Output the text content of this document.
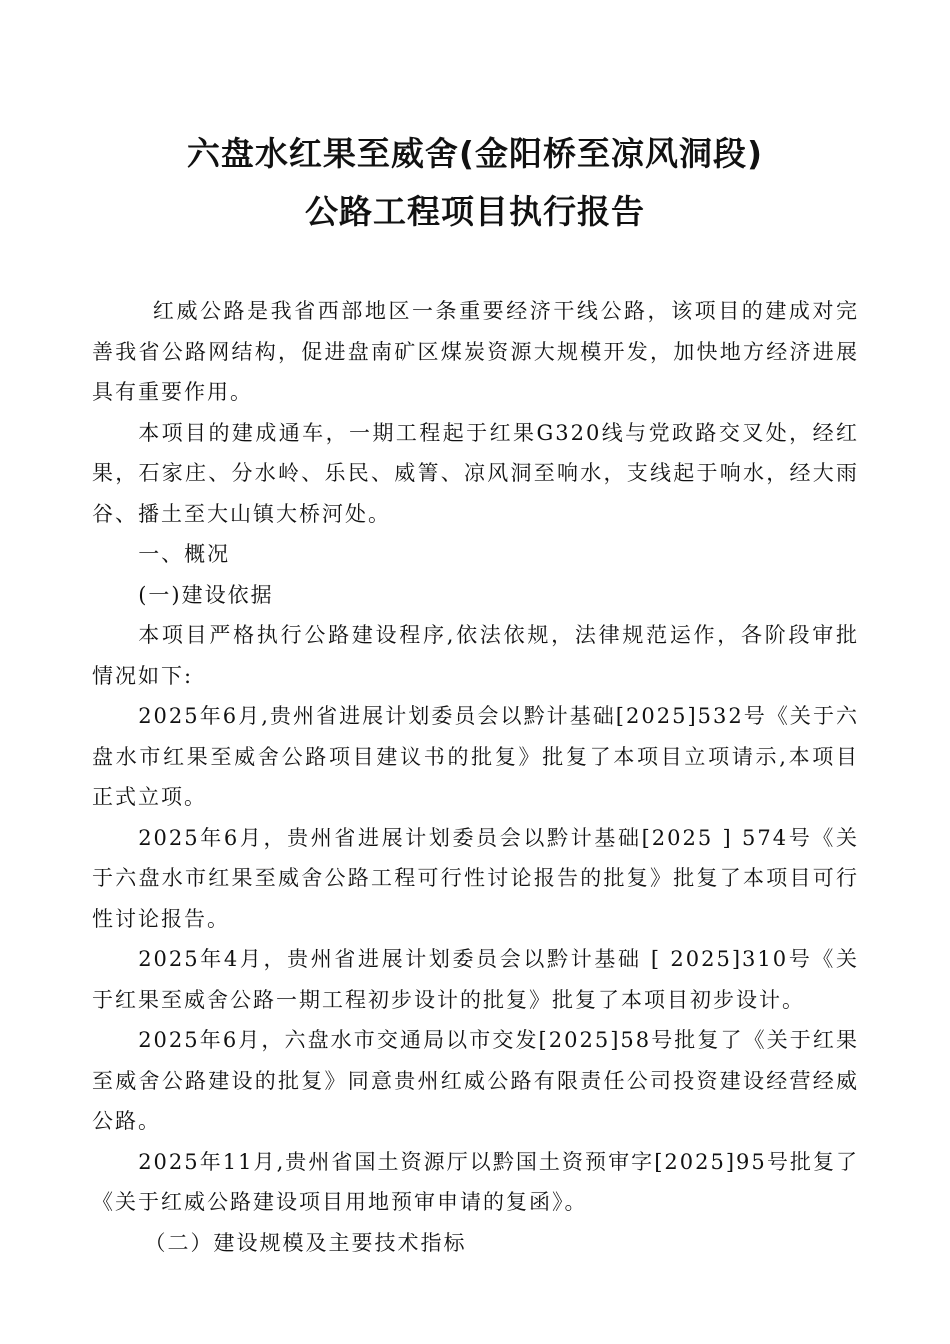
六盘水红果至威舍(金阳桥至凉风洞段)
公路工程项目执行报告

红威公路是我省西部地区一条重要经济干线公路，该项目的建成对完善我省公路网结构，促进盘南矿区煤炭资源大规模开发，加快地方经济进展具有重要作用。

本项目的建成通车，一期工程起于红果G320线与党政路交叉处，经红果，石家庄、分水岭、乐民、威箐、凉风洞至响水，支线起于响水，经大雨谷、播土至大山镇大桥河处。

一、概况

(一)建设依据

本项目严格执行公路建设程序,依法依规，法律规范运作，各阶段审批情况如下:

2025年6月,贵州省进展计划委员会以黔计基础[2025]532号《关于六盘水市红果至威舍公路项目建议书的批复》批复了本项目立项请示,本项目正式立项。

2025年6月，贵州省进展计划委员会以黔计基础[2025 ] 574号《关于六盘水市红果至威舍公路工程可行性讨论报告的批复》批复了本项目可行性讨论报告。

2025年4月，贵州省进展计划委员会以黔计基础 [ 2025]310号《关于红果至威舍公路一期工程初步设计的批复》批复了本项目初步设计。

2025年6月，六盘水市交通局以市交发[2025]58号批复了《关于红果至威舍公路建设的批复》同意贵州红威公路有限责任公司投资建设经营经威公路。

2025年11月,贵州省国土资源厅以黔国土资预审字[2025]95号批复了《关于红威公路建设项目用地预审申请的复函》。

（二）建设规模及主要技术指标
